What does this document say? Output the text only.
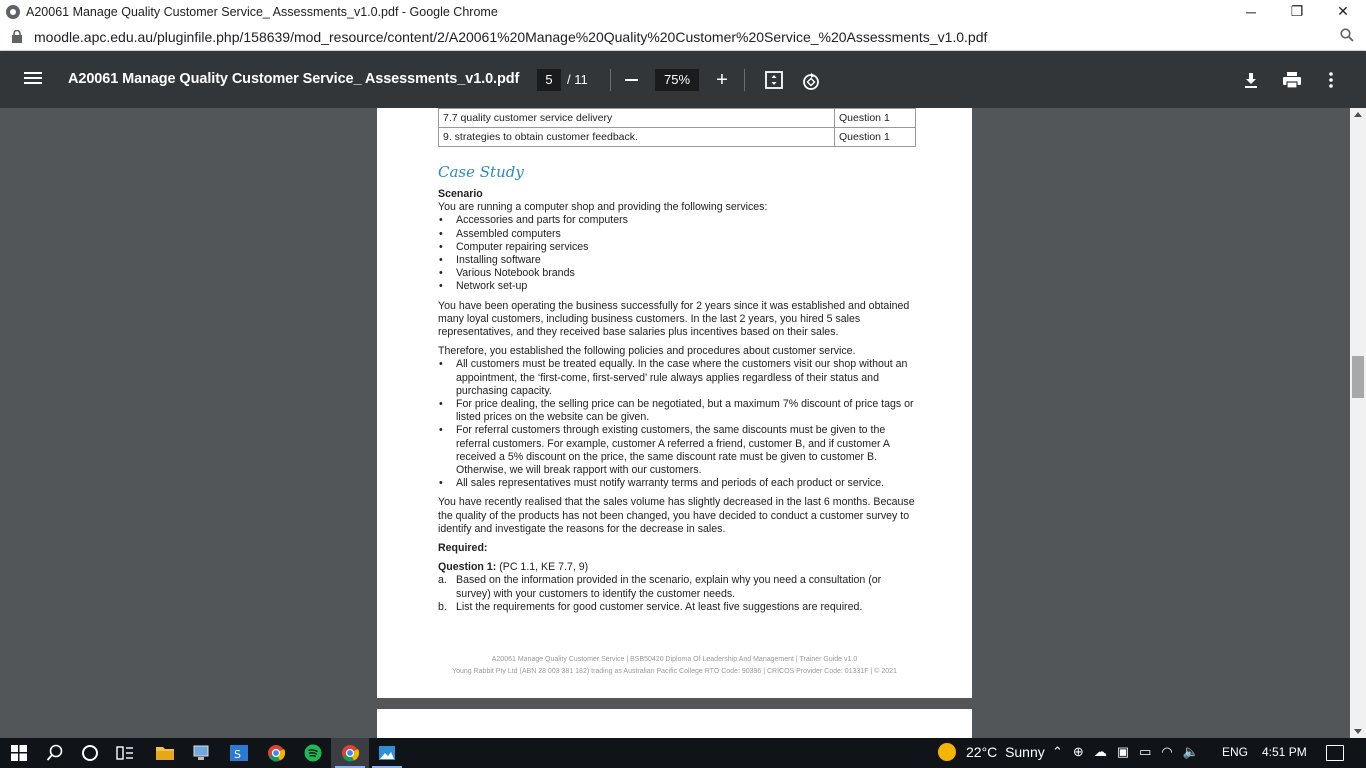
A20061 Manage Quality Customer Service_ Assessments_v1.0.pdf - Google Chrome	─	❐	✕
moodle.apc.edu.au/pluginfile.php/158639/mod_resource/content/2/A20061%20Manage%20Quality%20Customer%20Service_%20Assessments_v1.0.pdf
A20061 Manage Quality Customer Service_ Assessments_v1.0.pdf	5	/ 11	75%	+
7.7 quality customer service delivery	Question 1
9. strategies to obtain customer feedback.	Question 1
Case Study

Scenario

You are running a computer shop and providing the following services:

• Accessories and parts for computers
• Assembled computers
• Computer repairing services
• Installing software
• Various Notebook brands
• Network set-up

You have been operating the business successfully for 2 years since it was established and obtained many loyal customers, including business customers. In the last 2 years, you hired 5 sales representatives, and they received base salaries plus incentives based on their sales.

Therefore, you established the following policies and procedures about customer service.

• All customers must be treated equally. In the case where the customers visit our shop without an appointment, the ‘first-come, first-served’ rule always applies regardless of their status and purchasing capacity.
• For price dealing, the selling price can be negotiated, but a maximum 7% discount of price tags or listed prices on the website can be given.
• For referral customers through existing customers, the same discounts must be given to the referral customers. For example, customer A referred a friend, customer B, and if customer A received a 5% discount on the price, the same discount rate must be given to customer B. Otherwise, we will break rapport with our customers.
• All sales representatives must notify warranty terms and periods of each product or service.

You have recently realised that the sales volume has slightly decreased in the last 6 months. Because the quality of the products has not been changed, you have decided to conduct a customer survey to identify and investigate the reasons for the decrease in sales.

Required:

Question 1: (PC 1.1, KE 7.7, 9)

a. Based on the information provided in the scenario, explain why you need a consultation (or survey) with your customers to identify the customer needs.
b. List the requirements for good customer service. At least five suggestions are required.
A20061 Manage Quality Customer Service | BSB50420 Diploma Of Leadership And Management | Trainer Guide v1.0
Young Rabbit Pty Ltd (ABN 28 003 381 182) trading as Australian Pacific College RTO Code: 90396 | CRICOS Provider Code: 01331F | © 2021
S	22°C
Sunny ⌃ ⊕ ☁ ▣ ▭ ◠ 🔈 ENG 4:51 PM
